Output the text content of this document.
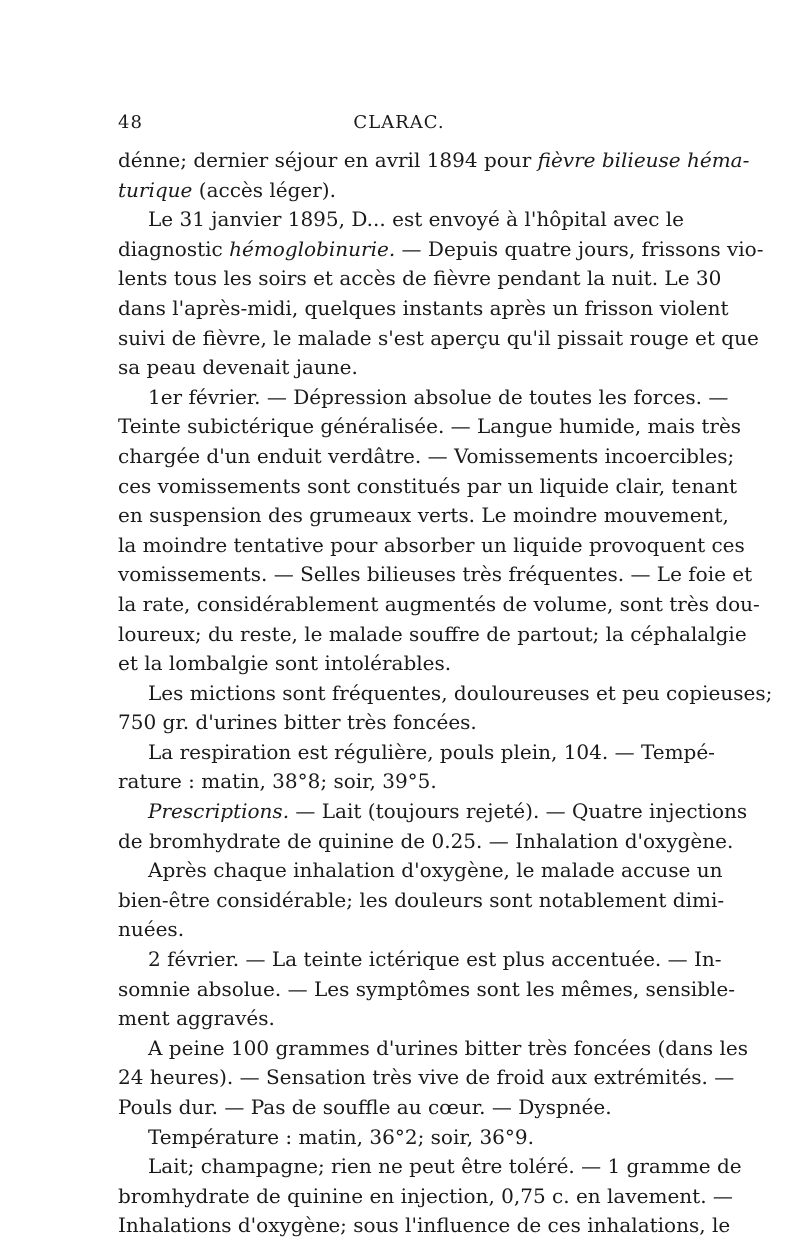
48	CLARAC.
dénne; dernier séjour en avril 1894 pour fièvre bilieuse héma-
turique (accès léger).
Le 31 janvier 1895, D... est envoyé à l'hôpital avec le
diagnostic hémoglobinurie. — Depuis quatre jours, frissons vio-
lents tous les soirs et accès de fièvre pendant la nuit. Le 30
dans l'après-midi, quelques instants après un frisson violent
suivi de fièvre, le malade s'est aperçu qu'il pissait rouge et que
sa peau devenait jaune.
1er février. — Dépression absolue de toutes les forces. —
Teinte subictérique généralisée. — Langue humide, mais très
chargée d'un enduit verdâtre. — Vomissements incoercibles;
ces vomissements sont constitués par un liquide clair, tenant
en suspension des grumeaux verts. Le moindre mouvement,
la moindre tentative pour absorber un liquide provoquent ces
vomissements. — Selles bilieuses très fréquentes. — Le foie et
la rate, considérablement augmentés de volume, sont très dou-
loureux; du reste, le malade souffre de partout; la céphalalgie
et la lombalgie sont intolérables.
Les mictions sont fréquentes, douloureuses et peu copieuses;
750 gr. d'urines bitter très foncées.
La respiration est régulière, pouls plein, 104. — Tempé-
rature : matin, 38°8; soir, 39°5.
Prescriptions. — Lait (toujours rejeté). — Quatre injections
de bromhydrate de quinine de 0.25. — Inhalation d'oxygène.
Après chaque inhalation d'oxygène, le malade accuse un
bien-être considérable; les douleurs sont notablement dimi-
nuées.
2 février. — La teinte ictérique est plus accentuée. — In-
somnie absolue. — Les symptômes sont les mêmes, sensible-
ment aggravés.
A peine 100 grammes d'urines bitter très foncées (dans les
24 heures). — Sensation très vive de froid aux extrémités. —
Pouls dur. — Pas de souffle au cœur. — Dyspnée.
Température : matin, 36°2; soir, 36°9.
Lait; champagne; rien ne peut être toléré. — 1 gramme de
bromhydrate de quinine en injection, 0,75 c. en lavement. —
Inhalations d'oxygène; sous l'influence de ces inhalations, le
